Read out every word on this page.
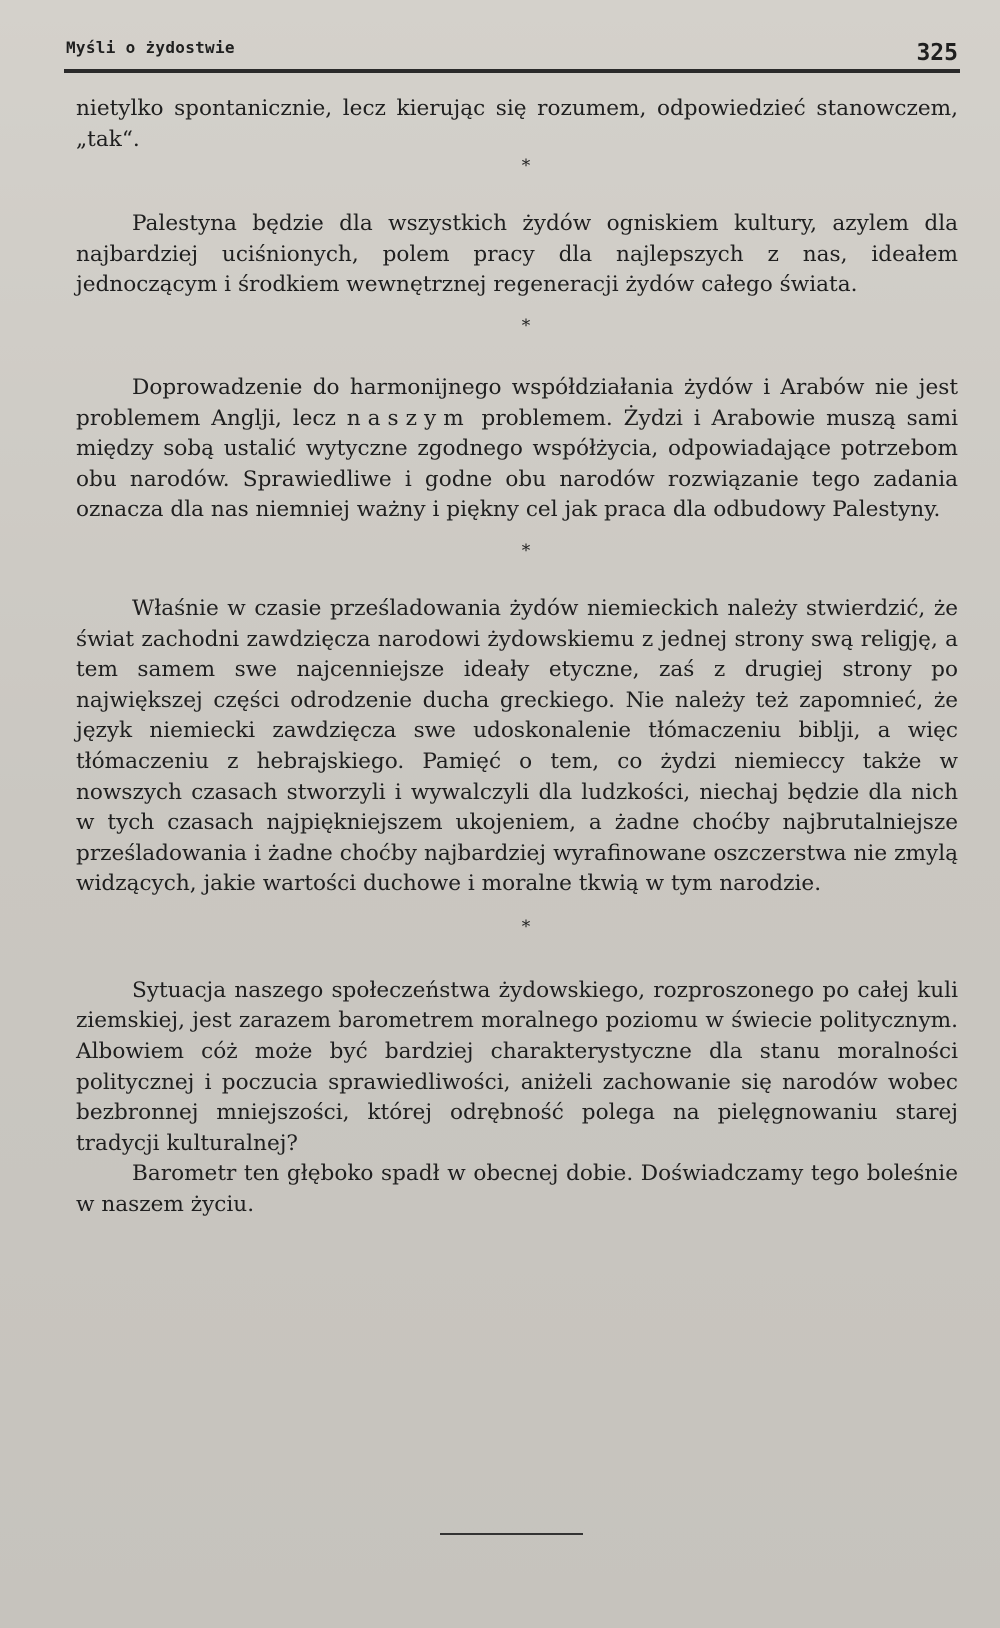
Myśli o żydostwie	325

nietylko spontanicznie, lecz kierując się rozumem, odpowiedzieć stanowczem, „tak“.

*

Palestyna będzie dla wszystkich żydów ogniskiem kultury, azylem dla najbardziej uciśnionych, polem pracy dla najlepszych z nas, ideałem jednoczącym i środkiem wewnętrznej regeneracji żydów całego świata.

*

Doprowadzenie do harmonijnego współdziałania żydów i Arabów nie jest problemem Anglji, lecz naszym problemem. Żydzi i Arabowie muszą sami między sobą ustalić wytyczne zgodnego współżycia, odpowiadające potrzebom obu narodów. Sprawiedliwe i godne obu narodów rozwiązanie tego zadania oznacza dla nas niemniej ważny i piękny cel jak praca dla odbudowy Palestyny.

*

Właśnie w czasie prześladowania żydów niemieckich należy stwierdzić, że świat zachodni zawdzięcza narodowi żydowskiemu z jednej strony swą religję, a tem samem swe najcenniejsze ideały etyczne, zaś z drugiej strony po największej części odrodzenie ducha greckiego. Nie należy też zapomnieć, że język niemiecki zawdzięcza swe udoskonalenie tłómaczeniu biblji, a więc tłómaczeniu z hebrajskiego. Pamięć o tem, co żydzi niemieccy także w nowszych czasach stworzyli i wywalczyli dla ludzkości, niechaj będzie dla nich w tych czasach najpiękniejszem ukojeniem, a żadne choćby najbrutalniejsze prześladowania i żadne choćby najbardziej wyrafinowane oszczerstwa nie zmylą widzących, jakie wartości duchowe i moralne tkwią w tym narodzie.

*

Sytuacja naszego społeczeństwa żydowskiego, rozproszonego po całej kuli ziemskiej, jest zarazem barometrem moralnego poziomu w świecie politycznym. Albowiem cóż może być bardziej charakterystyczne dla stanu moralności politycznej i poczucia sprawiedliwości, aniżeli zachowanie się narodów wobec bezbronnej mniejszości, której odrębność polega na pielęgnowaniu starej tradycji kulturalnej?

Barometr ten głęboko spadł w obecnej dobie. Doświadczamy tego boleśnie w naszem życiu.
